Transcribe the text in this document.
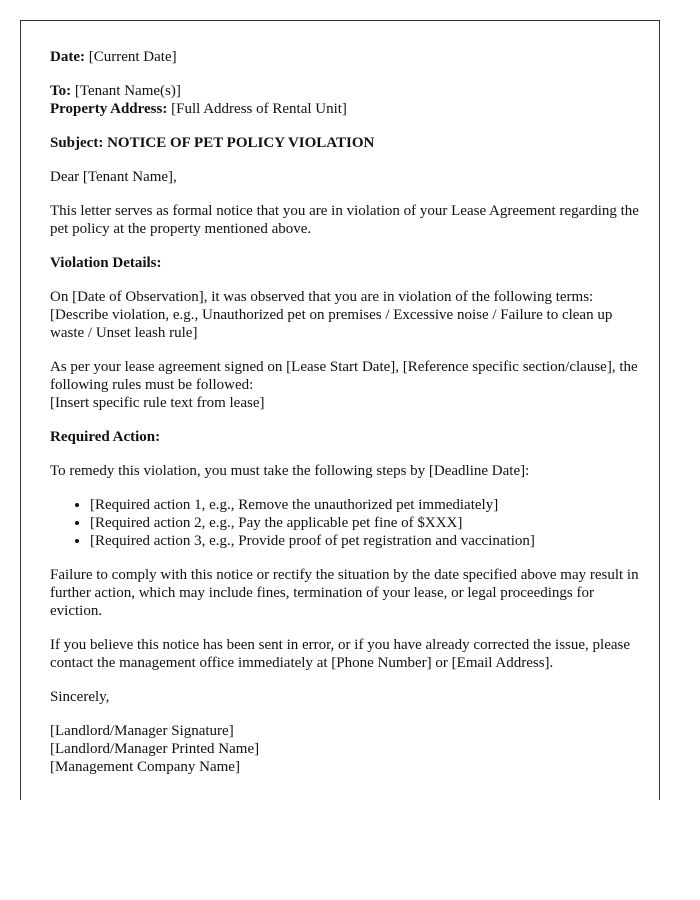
Date: [Current Date]

To: [Tenant Name(s)]
Property Address: [Full Address of Rental Unit]

Subject: NOTICE OF PET POLICY VIOLATION

Dear [Tenant Name],

This letter serves as formal notice that you are in violation of your Lease Agreement regarding the pet policy at the property mentioned above.

Violation Details:

On [Date of Observation], it was observed that you are in violation of the following terms: [Describe violation, e.g., Unauthorized pet on premises / Excessive noise / Failure to clean up waste / Unset leash rule]

As per your lease agreement signed on [Lease Start Date], [Reference specific section/clause], the following rules must be followed:
[Insert specific rule text from lease]

Required Action:

To remedy this violation, you must take the following steps by [Deadline Date]:

• [Required action 1, e.g., Remove the unauthorized pet immediately]
• [Required action 2, e.g., Pay the applicable pet fine of $XXX]
• [Required action 3, e.g., Provide proof of pet registration and vaccination]

Failure to comply with this notice or rectify the situation by the date specified above may result in further action, which may include fines, termination of your lease, or legal proceedings for eviction.

If you believe this notice has been sent in error, or if you have already corrected the issue, please contact the management office immediately at [Phone Number] or [Email Address].

Sincerely,

[Landlord/Manager Signature]
[Landlord/Manager Printed Name]
[Management Company Name]
